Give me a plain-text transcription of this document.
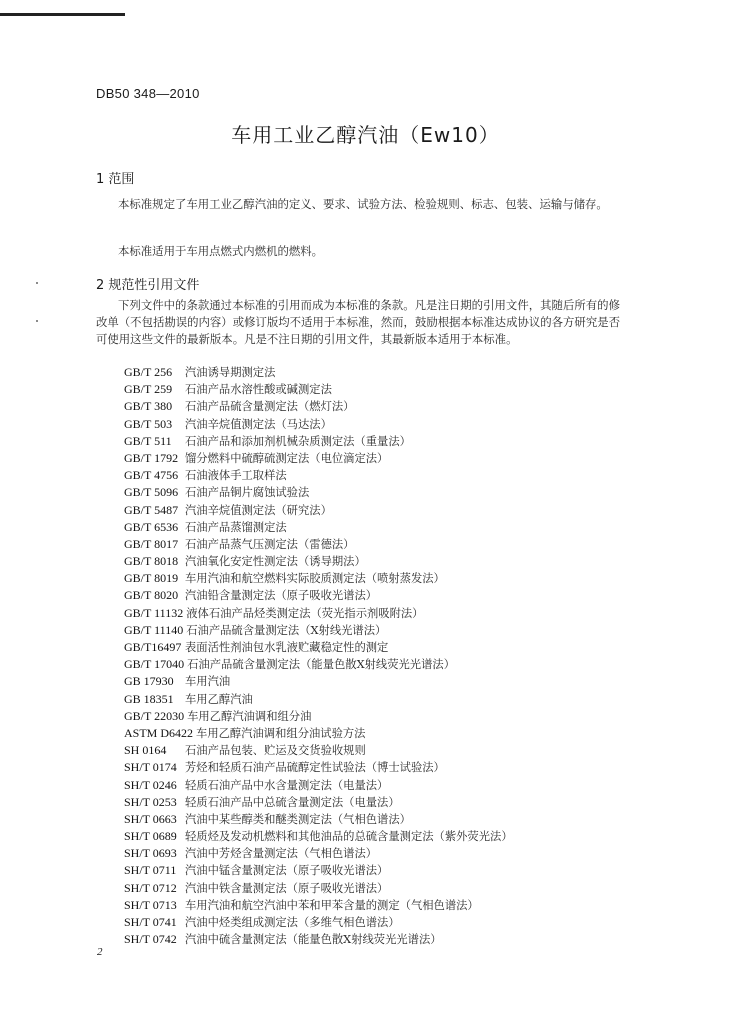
DB50 348—2010
车用工业乙醇汽油（Ew10）
1 范围

本标准规定了车用工业乙醇汽油的定义、要求、试验方法、检验规则、标志、包装、运输与储存。

本标准适用于车用点燃式内燃机的燃料。

2 规范性引用文件

下列文件中的条款通过本标准的引用而成为本标准的条款。凡是注日期的引用文件，其随后所有的修改单（不包括勘误的内容）或修订版均不适用于本标准，然而，鼓励根据本标准达成协议的各方研究是否可使用这些文件的最新版本。凡是不注日期的引用文件，其最新版本适用于本标准。

GB/T 256 汽油诱导期测定法
GB/T 259 石油产品水溶性酸或碱测定法
GB/T 380 石油产品硫含量测定法（燃灯法）
GB/T 503 汽油辛烷值测定法（马达法）
GB/T 511 石油产品和添加剂机械杂质测定法（重量法）
GB/T 1792 馏分燃料中硫醇硫测定法（电位滴定法）
GB/T 4756 石油液体手工取样法
GB/T 5096 石油产品铜片腐蚀试验法
GB/T 5487 汽油辛烷值测定法（研究法）
GB/T 6536 石油产品蒸馏测定法
GB/T 8017 石油产品蒸气压测定法（雷德法）
GB/T 8018 汽油氧化安定性测定法（诱导期法）
GB/T 8019 车用汽油和航空燃料实际胶质测定法（喷射蒸发法）
GB/T 8020 汽油铅含量测定法（原子吸收光谱法）
GB/T 11132 液体石油产品烃类测定法（荧光指示剂吸附法）
GB/T 11140 石油产品硫含量测定法（X射线光谱法）
GB/T16497 表面活性剂油包水乳液贮藏稳定性的测定
GB/T 17040 石油产品硫含量测定法（能量色散X射线荧光光谱法）
GB 17930 车用汽油
GB 18351 车用乙醇汽油
GB/T 22030 车用乙醇汽油调和组分油
ASTM D6422 车用乙醇汽油调和组分油试验方法
SH 0164 石油产品包装、贮运及交货验收规则
SH/T 0174 芳烃和轻质石油产品硫醇定性试验法（博士试验法）
SH/T 0246 轻质石油产品中水含量测定法（电量法）
SH/T 0253 轻质石油产品中总硫含量测定法（电量法）
SH/T 0663 汽油中某些醇类和醚类测定法（气相色谱法）
SH/T 0689 轻质烃及发动机燃料和其他油品的总硫含量测定法（紫外荧光法）
SH/T 0693 汽油中芳烃含量测定法（气相色谱法）
SH/T 0711 汽油中锰含量测定法（原子吸收光谱法）
SH/T 0712 汽油中铁含量测定法（原子吸收光谱法）
SH/T 0713 车用汽油和航空汽油中苯和甲苯含量的测定（气相色谱法）
SH/T 0741 汽油中烃类组成测定法（多维气相色谱法）
SH/T 0742 汽油中硫含量测定法（能量色散X射线荧光光谱法）
2
